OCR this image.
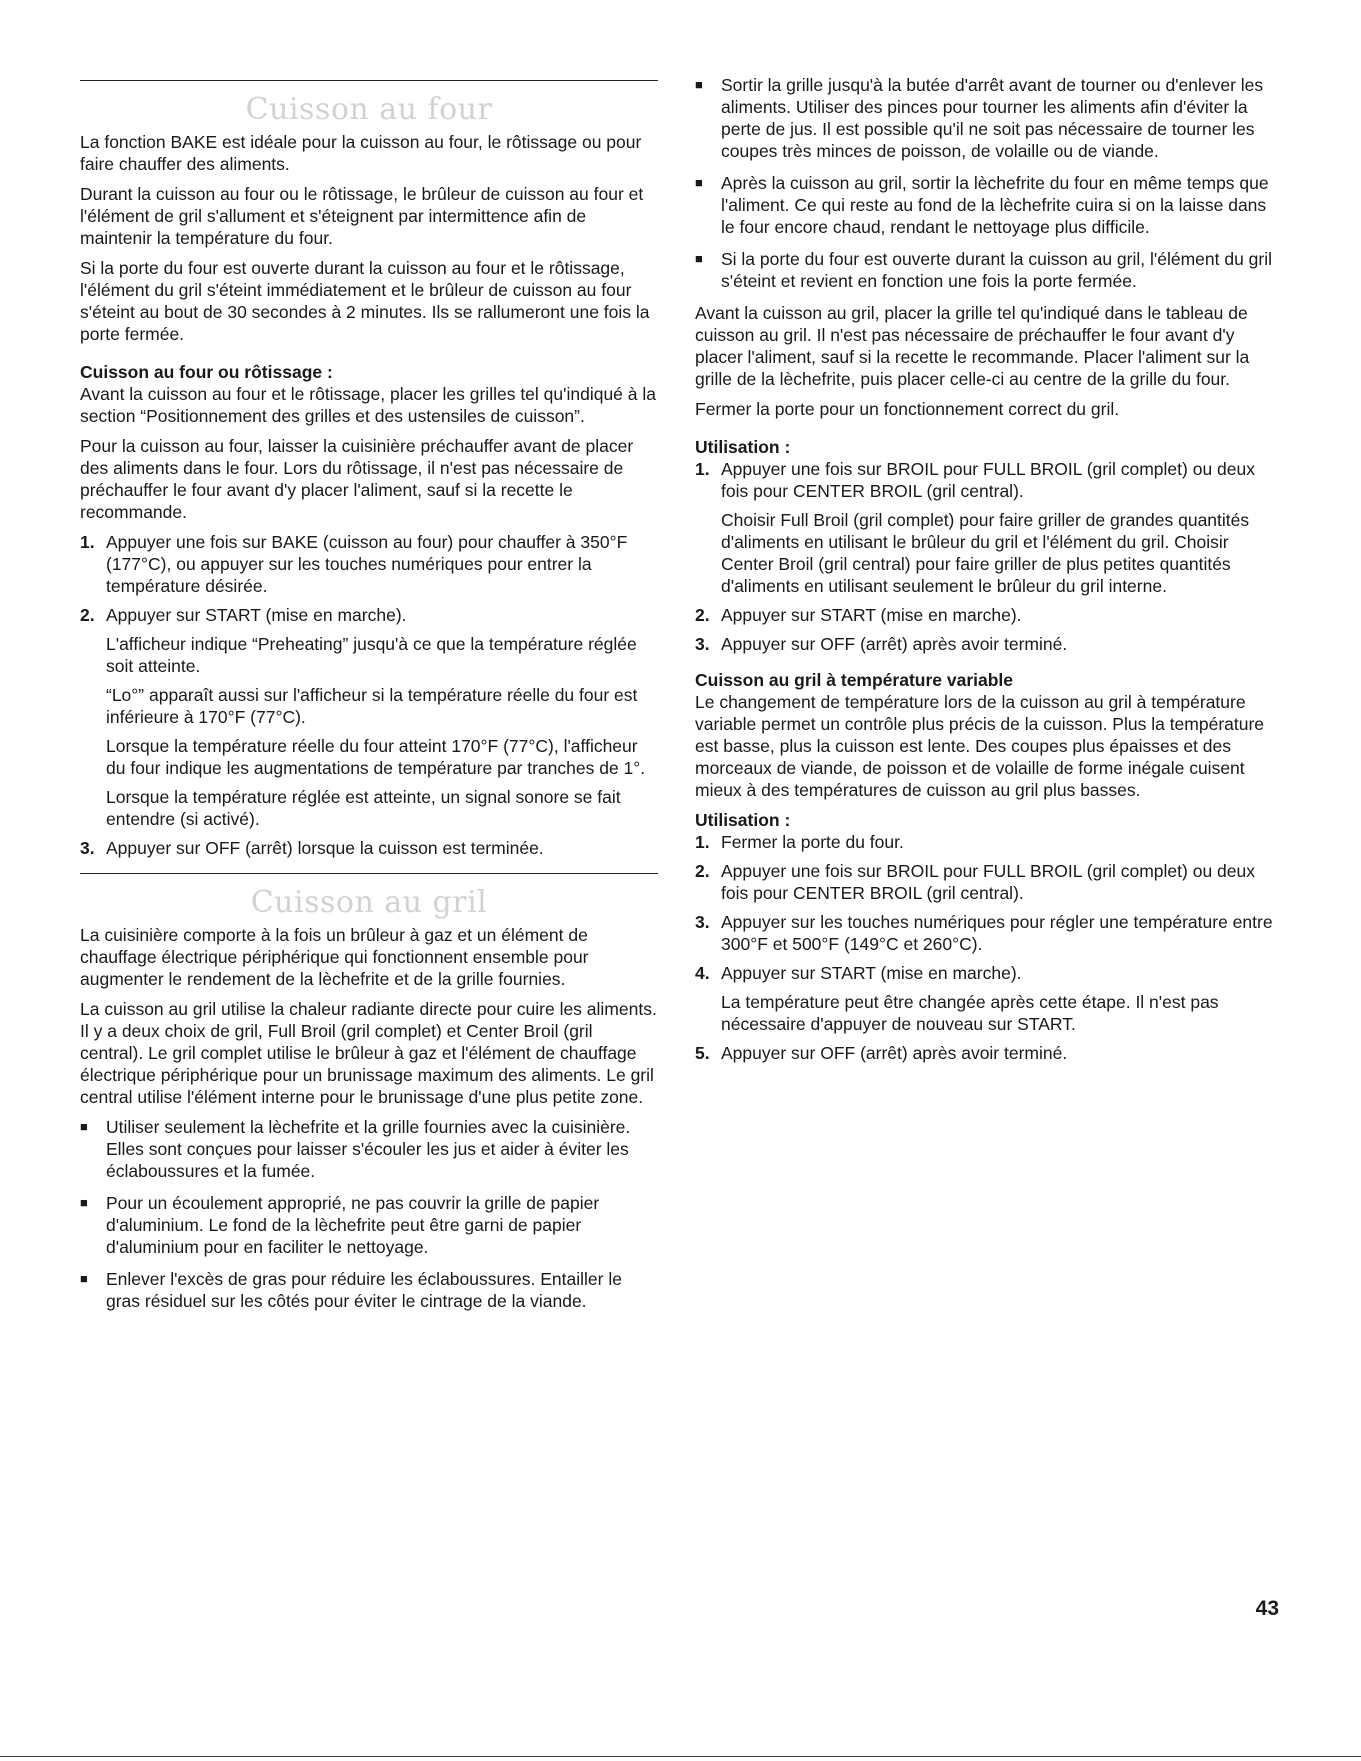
Cuisson au four

La fonction BAKE est idéale pour la cuisson au four, le rôtissage ou pour faire chauffer des aliments.

Durant la cuisson au four ou le rôtissage, le brûleur de cuisson au four et l'élément de gril s'allument et s'éteignent par intermittence afin de maintenir la température du four.

Si la porte du four est ouverte durant la cuisson au four et le rôtissage, l'élément du gril s'éteint immédiatement et le brûleur de cuisson au four s'éteint au bout de 30 secondes à 2 minutes. Ils se rallumeront une fois la porte fermée.

Cuisson au four ou rôtissage :

Avant la cuisson au four et le rôtissage, placer les grilles tel qu'indiqué à la section “Positionnement des grilles et des ustensiles de cuisson”.

Pour la cuisson au four, laisser la cuisinière préchauffer avant de placer des aliments dans le four. Lors du rôtissage, il n'est pas nécessaire de préchauffer le four avant d'y placer l'aliment, sauf si la recette le recommande.

1. Appuyer une fois sur BAKE (cuisson au four) pour chauffer à 350°F (177°C), ou appuyer sur les touches numériques pour entrer la température désirée.

2. Appuyer sur START (mise en marche).

L'afficheur indique “Preheating” jusqu'à ce que la température réglée soit atteinte.

“Lo°” apparaît aussi sur l'afficheur si la température réelle du four est inférieure à 170°F (77°C).

Lorsque la température réelle du four atteint 170°F (77°C), l'afficheur du four indique les augmentations de température par tranches de 1°.

Lorsque la température réglée est atteinte, un signal sonore se fait entendre (si activé).

3. Appuyer sur OFF (arrêt) lorsque la cuisson est terminée.

Cuisson au gril

La cuisinière comporte à la fois un brûleur à gaz et un élément de chauffage électrique périphérique qui fonctionnent ensemble pour augmenter le rendement de la lèchefrite et de la grille fournies.

La cuisson au gril utilise la chaleur radiante directe pour cuire les aliments. Il y a deux choix de gril, Full Broil (gril complet) et Center Broil (gril central). Le gril complet utilise le brûleur à gaz et l'élément de chauffage électrique périphérique pour un brunissage maximum des aliments. Le gril central utilise l'élément interne pour le brunissage d'une plus petite zone.

■	Utiliser seulement la lèchefrite et la grille fournies avec la cuisinière. Elles sont conçues pour laisser s'écouler les jus et aider à éviter les éclaboussures et la fumée.

■	Pour un écoulement approprié, ne pas couvrir la grille de papier d'aluminium. Le fond de la lèchefrite peut être garni de papier d'aluminium pour en faciliter le nettoyage.

■	Enlever l'excès de gras pour réduire les éclaboussures. Entailler le gras résiduel sur les côtés pour éviter le cintrage de la viande.

■	Sortir la grille jusqu'à la butée d'arrêt avant de tourner ou d'enlever les aliments. Utiliser des pinces pour tourner les aliments afin d'éviter la perte de jus. Il est possible qu'il ne soit pas nécessaire de tourner les coupes très minces de poisson, de volaille ou de viande.

■	Après la cuisson au gril, sortir la lèchefrite du four en même temps que l'aliment. Ce qui reste au fond de la lèchefrite cuira si on la laisse dans le four encore chaud, rendant le nettoyage plus difficile.

■	Si la porte du four est ouverte durant la cuisson au gril, l'élément du gril s'éteint et revient en fonction une fois la porte fermée.

Avant la cuisson au gril, placer la grille tel qu'indiqué dans le tableau de cuisson au gril. Il n'est pas nécessaire de préchauffer le four avant d'y placer l'aliment, sauf si la recette le recommande. Placer l'aliment sur la grille de la lèchefrite, puis placer celle-ci au centre de la grille du four.

Fermer la porte pour un fonctionnement correct du gril.

Utilisation :
1. Appuyer une fois sur BROIL pour FULL BROIL (gril complet) ou deux fois pour CENTER BROIL (gril central).

Choisir Full Broil (gril complet) pour faire griller de grandes quantités d'aliments en utilisant le brûleur du gril et l'élément du gril. Choisir Center Broil (gril central) pour faire griller de plus petites quantités d'aliments en utilisant seulement le brûleur du gril interne.

2. Appuyer sur START (mise en marche).

3. Appuyer sur OFF (arrêt) après avoir terminé.

Cuisson au gril à température variable

Le changement de température lors de la cuisson au gril à température variable permet un contrôle plus précis de la cuisson. Plus la température est basse, plus la cuisson est lente. Des coupes plus épaisses et des morceaux de viande, de poisson et de volaille de forme inégale cuisent mieux à des températures de cuisson au gril plus basses.

Utilisation :
1. Fermer la porte du four.

2. Appuyer une fois sur BROIL pour FULL BROIL (gril complet) ou deux fois pour CENTER BROIL (gril central).

3. Appuyer sur les touches numériques pour régler une température entre 300°F et 500°F (149°C et 260°C).

4. Appuyer sur START (mise en marche).

La température peut être changée après cette étape. Il n'est pas nécessaire d'appuyer de nouveau sur START.

5. Appuyer sur OFF (arrêt) après avoir terminé.

43
